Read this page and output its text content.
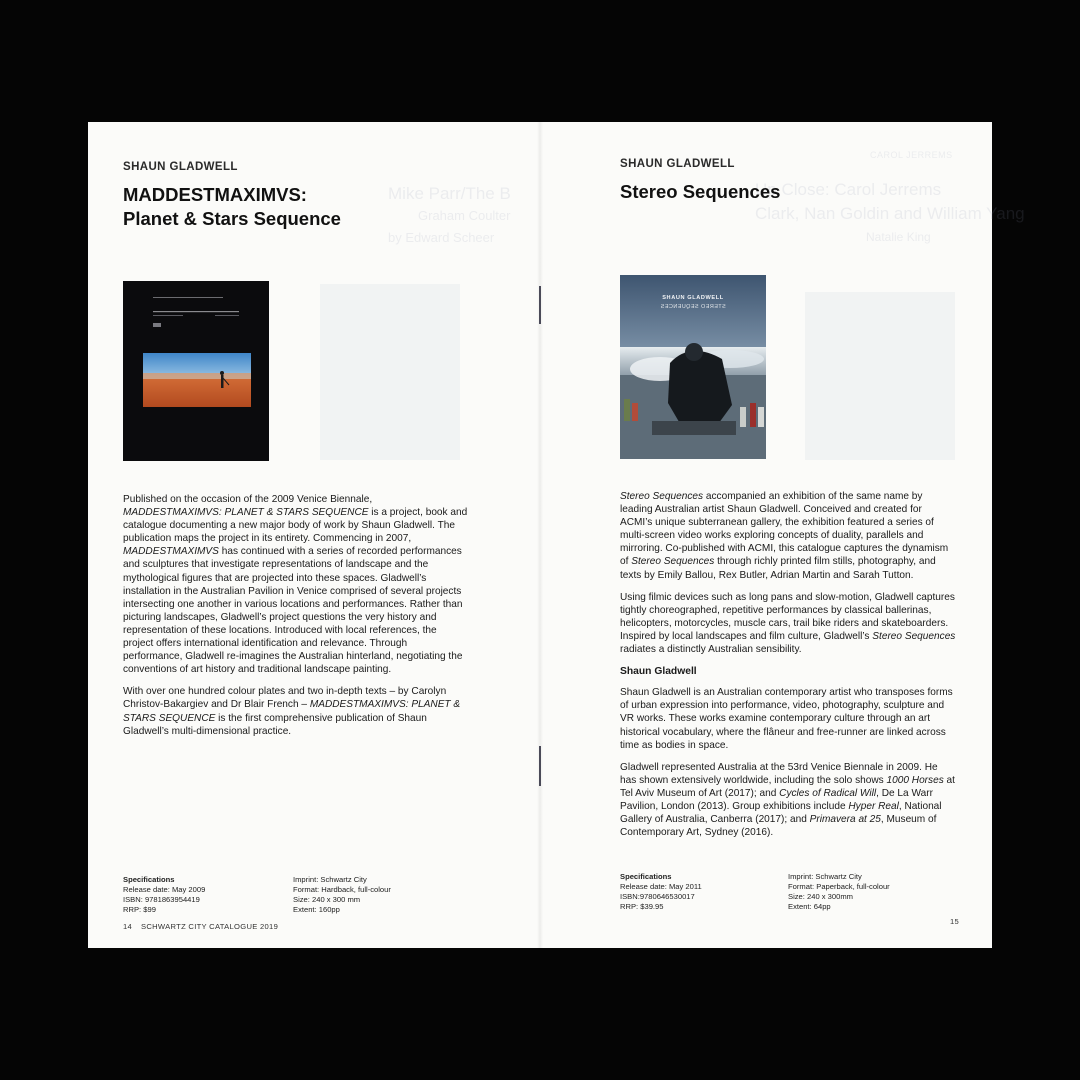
Mike Parr/The B
Graham Coulter
by Edward Scheer
SHAUN GLADWELL
MADDESTMAXIMVS:
Planet & Stars Sequence

Published on the occasion of the 2009 Venice Biennale, MADDESTMAXIMVS: PLANET & STARS SEQUENCE is a project, book and catalogue documenting a new major body of work by Shaun Gladwell. The publication maps the project in its entirety. Commencing in 2007, MADDESTMAXIMVS has continued with a series of recorded performances and sculptures that investigate representations of landscape and the mythological figures that are projected into these spaces. Gladwell’s installation in the Australian Pavilion in Venice comprised of several projects intersecting one another in various locations and performances. Rather than picturing landscapes, Gladwell’s project questions the very history and representation of these locations. Introduced with local references, the project offers international identification and relevance. Through performance, Gladwell re-imagines the Australian hinterland, negotiating the conventions of art history and traditional landscape painting.

With over one hundred colour plates and two in-depth texts – by Carolyn Christov-Bakargiev and Dr Blair French – MADDESTMAXIMVS: PLANET & STARS SEQUENCE is the first comprehensive publication of Shaun Gladwell’s multi-dimensional practice.

Specifications
Release date: May 2009
ISBN: 9781863954419
RRP: $99
Imprint: Schwartz City
Format: Hardback, full-colour
Size: 240 x 300 mm
Extent: 160pp
14 SCHWARTZ CITY CATALOGUE 2019
CAROL JERREMS
Up Close: Carol Jerrems
Clark, Nan Goldin and William Yang
Natalie King
SHAUN GLADWELL
Stereo Sequences
SHAUN GLADWELL
STEREO SEQUENCES

Stereo Sequences accompanied an exhibition of the same name by leading Australian artist Shaun Gladwell. Conceived and created for ACMI’s unique subterranean gallery, the exhibition featured a series of multi-screen video works exploring concepts of duality, parallels and mirroring. Co-published with ACMI, this catalogue captures the dynamism of Stereo Sequences through richly printed film stills, photography, and texts by Emily Ballou, Rex Butler, Adrian Martin and Sarah Tutton.

Using filmic devices such as long pans and slow-motion, Gladwell captures tightly choreographed, repetitive performances by classical ballerinas, helicopters, motorcycles, muscle cars, trail bike riders and skateboarders. Inspired by local landscapes and film culture, Gladwell’s Stereo Sequences radiates a distinctly Australian sensibility.

Shaun Gladwell

Shaun Gladwell is an Australian contemporary artist who transposes forms of urban expression into performance, video, photography, sculpture and VR works. These works examine contemporary culture through an art historical vocabulary, where the flâneur and free-runner are linked across time as bodies in space.

Gladwell represented Australia at the 53rd Venice Biennale in 2009. He has shown extensively worldwide, including the solo shows 1000 Horses at Tel Aviv Museum of Art (2017); and Cycles of Radical Will, De La Warr Pavilion, London (2013). Group exhibitions include Hyper Real, National Gallery of Australia, Canberra (2017); and Primavera at 25, Museum of Contemporary Art, Sydney (2016).

Specifications
Release date: May 2011
ISBN:9780646530017
RRP: $39.95
Imprint: Schwartz City
Format: Paperback, full-colour
Size: 240 x 300mm
Extent: 64pp
15
